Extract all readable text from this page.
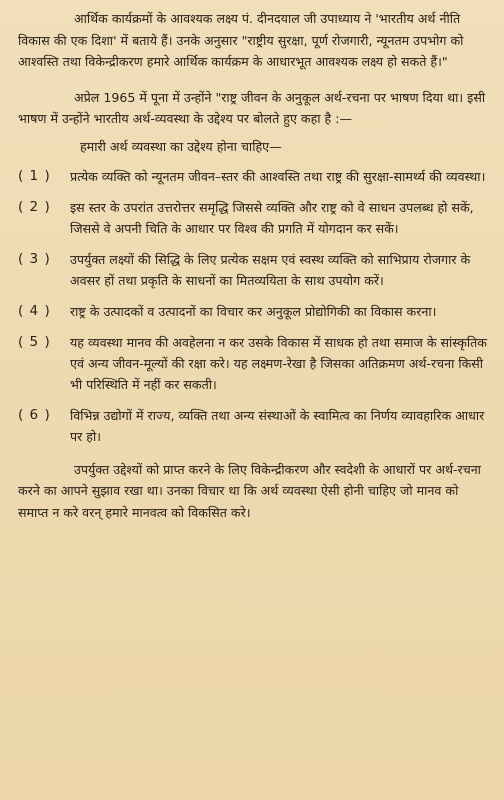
आर्थिक कार्यक्रमों के आवश्यक लक्ष्य पं. दीनदयाल जी उपाध्याय ने 'भारतीय अर्थ नीति विकास की एक दिशा' में बताये हैं। उनके अनुसार "राष्ट्रीय सुरक्षा, पूर्ण रोजगारी, न्यूनतम उपभोग को आश्वस्ति तथा विकेन्द्रीकरण हमारे आर्थिक कार्यक्रम के आधारभूत आवश्यक लक्ष्य हो सकते हैं।"

अप्रेल 1965 में पूना में उन्होंने "राष्ट्र जीवन के अनुकूल अर्थ-रचना पर भाषण दिया था। इसी भाषण में उन्होंने भारतीय अर्थ-व्यवस्था के उद्देश्य पर बोलते हुए कहा है :—

हमारी अर्थ व्यवस्था का उद्देश्य होना चाहिए—
( 1 )	प्रत्येक व्यक्ति को न्यूनतम जीवन–स्तर की आश्वस्ति तथा राष्ट्र की सुरक्षा-सामर्थ्य की व्यवस्था।
( 2 )	इस स्तर के उपरांत उत्तरोत्तर समृद्धि जिससे व्यक्ति और राष्ट्र को वे साधन उपलब्ध हो सकें, जिससे वे अपनी चिति के आधार पर विश्व की प्रगति में योगदान कर सकें।
( 3 )	उपर्युक्त लक्ष्यों की सिद्धि के लिए प्रत्येक सक्षम एवं स्वस्थ व्यक्ति को साभिप्राय रोजगार के अवसर हों तथा प्रकृति के साधनों का मितव्ययिता के साथ उपयोग करें।
( 4 )	राष्ट्र के उत्पादकों व उत्पादनों का विचार कर अनुकूल प्रोद्योगिकी का विकास करना।
( 5 )	यह व्यवस्था मानव की अवहेलना न कर उसके विकास में साधक हो तथा समाज के सांस्कृतिक एवं अन्य जीवन-मूल्यों की रक्षा करे। यह लक्ष्मण-रेखा है जिसका अतिक्रमण अर्थ-रचना किसी भी परिस्थिति में नहीं कर सकती।
( 6 )	विभिन्न उद्योगों में राज्य, व्यक्ति तथा अन्य संस्थाओं के स्वामित्व का निर्णय व्यावहारिक आधार पर हो।

उपर्युक्त उद्देश्यों को प्राप्त करने के लिए विकेन्द्रीकरण और स्वदेशी के आधारों पर अर्थ-रचना करने का आपने सुझाव रखा था। उनका विचार था कि अर्थ व्यवस्था ऐसी होनी चाहिए जो मानव को समाप्त न करे वरन् हमारे मानवत्व को विकसित करे।
